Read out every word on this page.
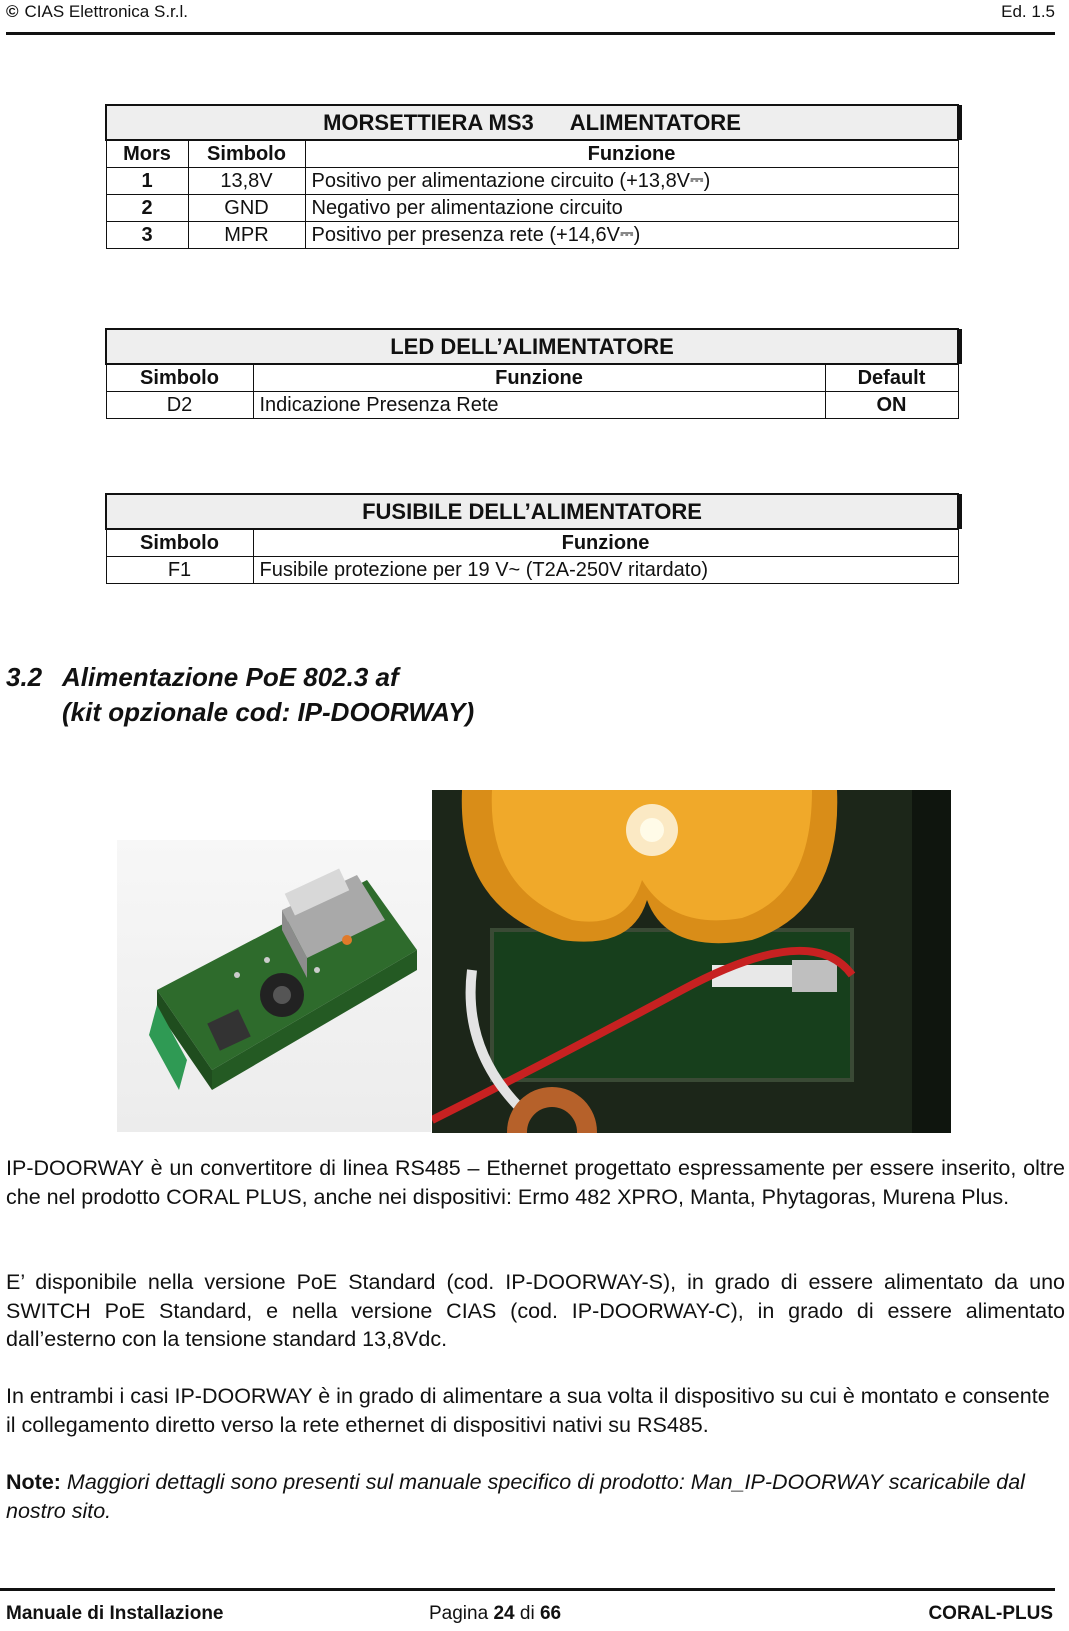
© CIAS Elettronica S.r.l.	Ed. 1.5
MORSETTIERA MS3 ALIMENTATORE		
Mors	Simbolo	Funzione
1	13,8V	Positivo per alimentazione circuito (+13,8V⎓)
2	GND	Negativo per alimentazione circuito
3	MPR	Positivo per presenza rete (+14,6V⎓)
LED DELL’ALIMENTATORE		
Simbolo	Funzione	Default
D2	Indicazione Presenza Rete	ON
FUSIBILE DELL’ALIMENTATORE	
Simbolo	Funzione
F1	Fusibile protezione per 19 V~ (T2A-250V ritardato)
3.2 Alimentazione PoE 802.3 af
(kit opzionale cod: IP-DOORWAY)
IP-DOORWAY è un convertitore di linea RS485 – Ethernet progettato espressamente per essere inserito, oltre che nel prodotto CORAL PLUS, anche nei dispositivi: Ermo 482 XPRO, Manta, Phytagoras, Murena Plus.
E’ disponibile nella versione PoE Standard (cod. IP-DOORWAY-S), in grado di essere alimentato da uno SWITCH PoE Standard, e nella versione CIAS (cod. IP-DOORWAY-C), in grado di essere alimentato dall’esterno con la tensione standard 13,8Vdc.
In entrambi i casi IP-DOORWAY è in grado di alimentare a sua volta il dispositivo su cui è montato e consente il collegamento diretto verso la rete ethernet di dispositivi nativi su RS485.
Note: Maggiori dettagli sono presenti sul manuale specifico di prodotto: Man_IP-DOORWAY scaricabile dal nostro sito.
Manuale di Installazione	Pagina 24 di 66	CORAL-PLUS
